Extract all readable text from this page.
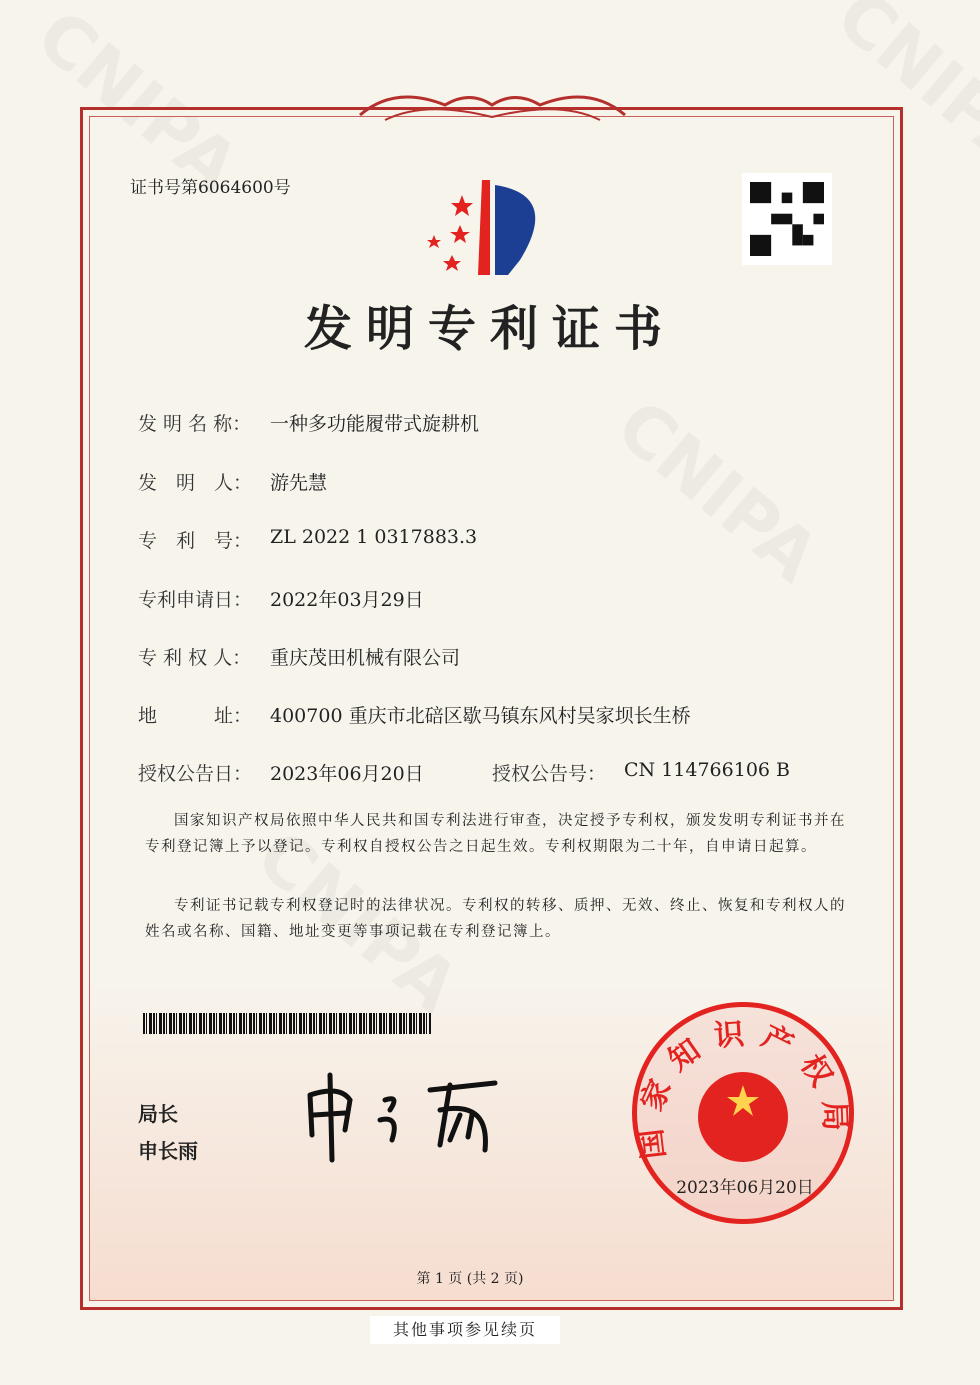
证书号第6064600号
发明专利证书
发 明 名 称： 一种多功能履带式旋耕机
发　明　人： 游先慧
专　利　号： ZL 2022 1 0317883.3
专利申请日： 2022年03月29日
专 利 权 人： 重庆茂田机械有限公司
地　　　址： 400700 重庆市北碚区歇马镇东风村吴家坝长生桥
授权公告日： 2023年06月20日	授权公告号： CN 114766106 B
国家知识产权局依照中华人民共和国专利法进行审查，决定授予专利权，颁发发明专利证书并在专利登记簿上予以登记。专利权自授权公告之日起生效。专利权期限为二十年，自申请日起算。
专利证书记载专利权登记时的法律状况。专利权的转移、质押、无效、终止、恢复和专利权人的姓名或名称、国籍、地址变更等事项记载在专利登记簿上。
局长
申长雨
家知识产权
2023年06月20日
第 1 页 (共 2 页)
其他事项参见续页
